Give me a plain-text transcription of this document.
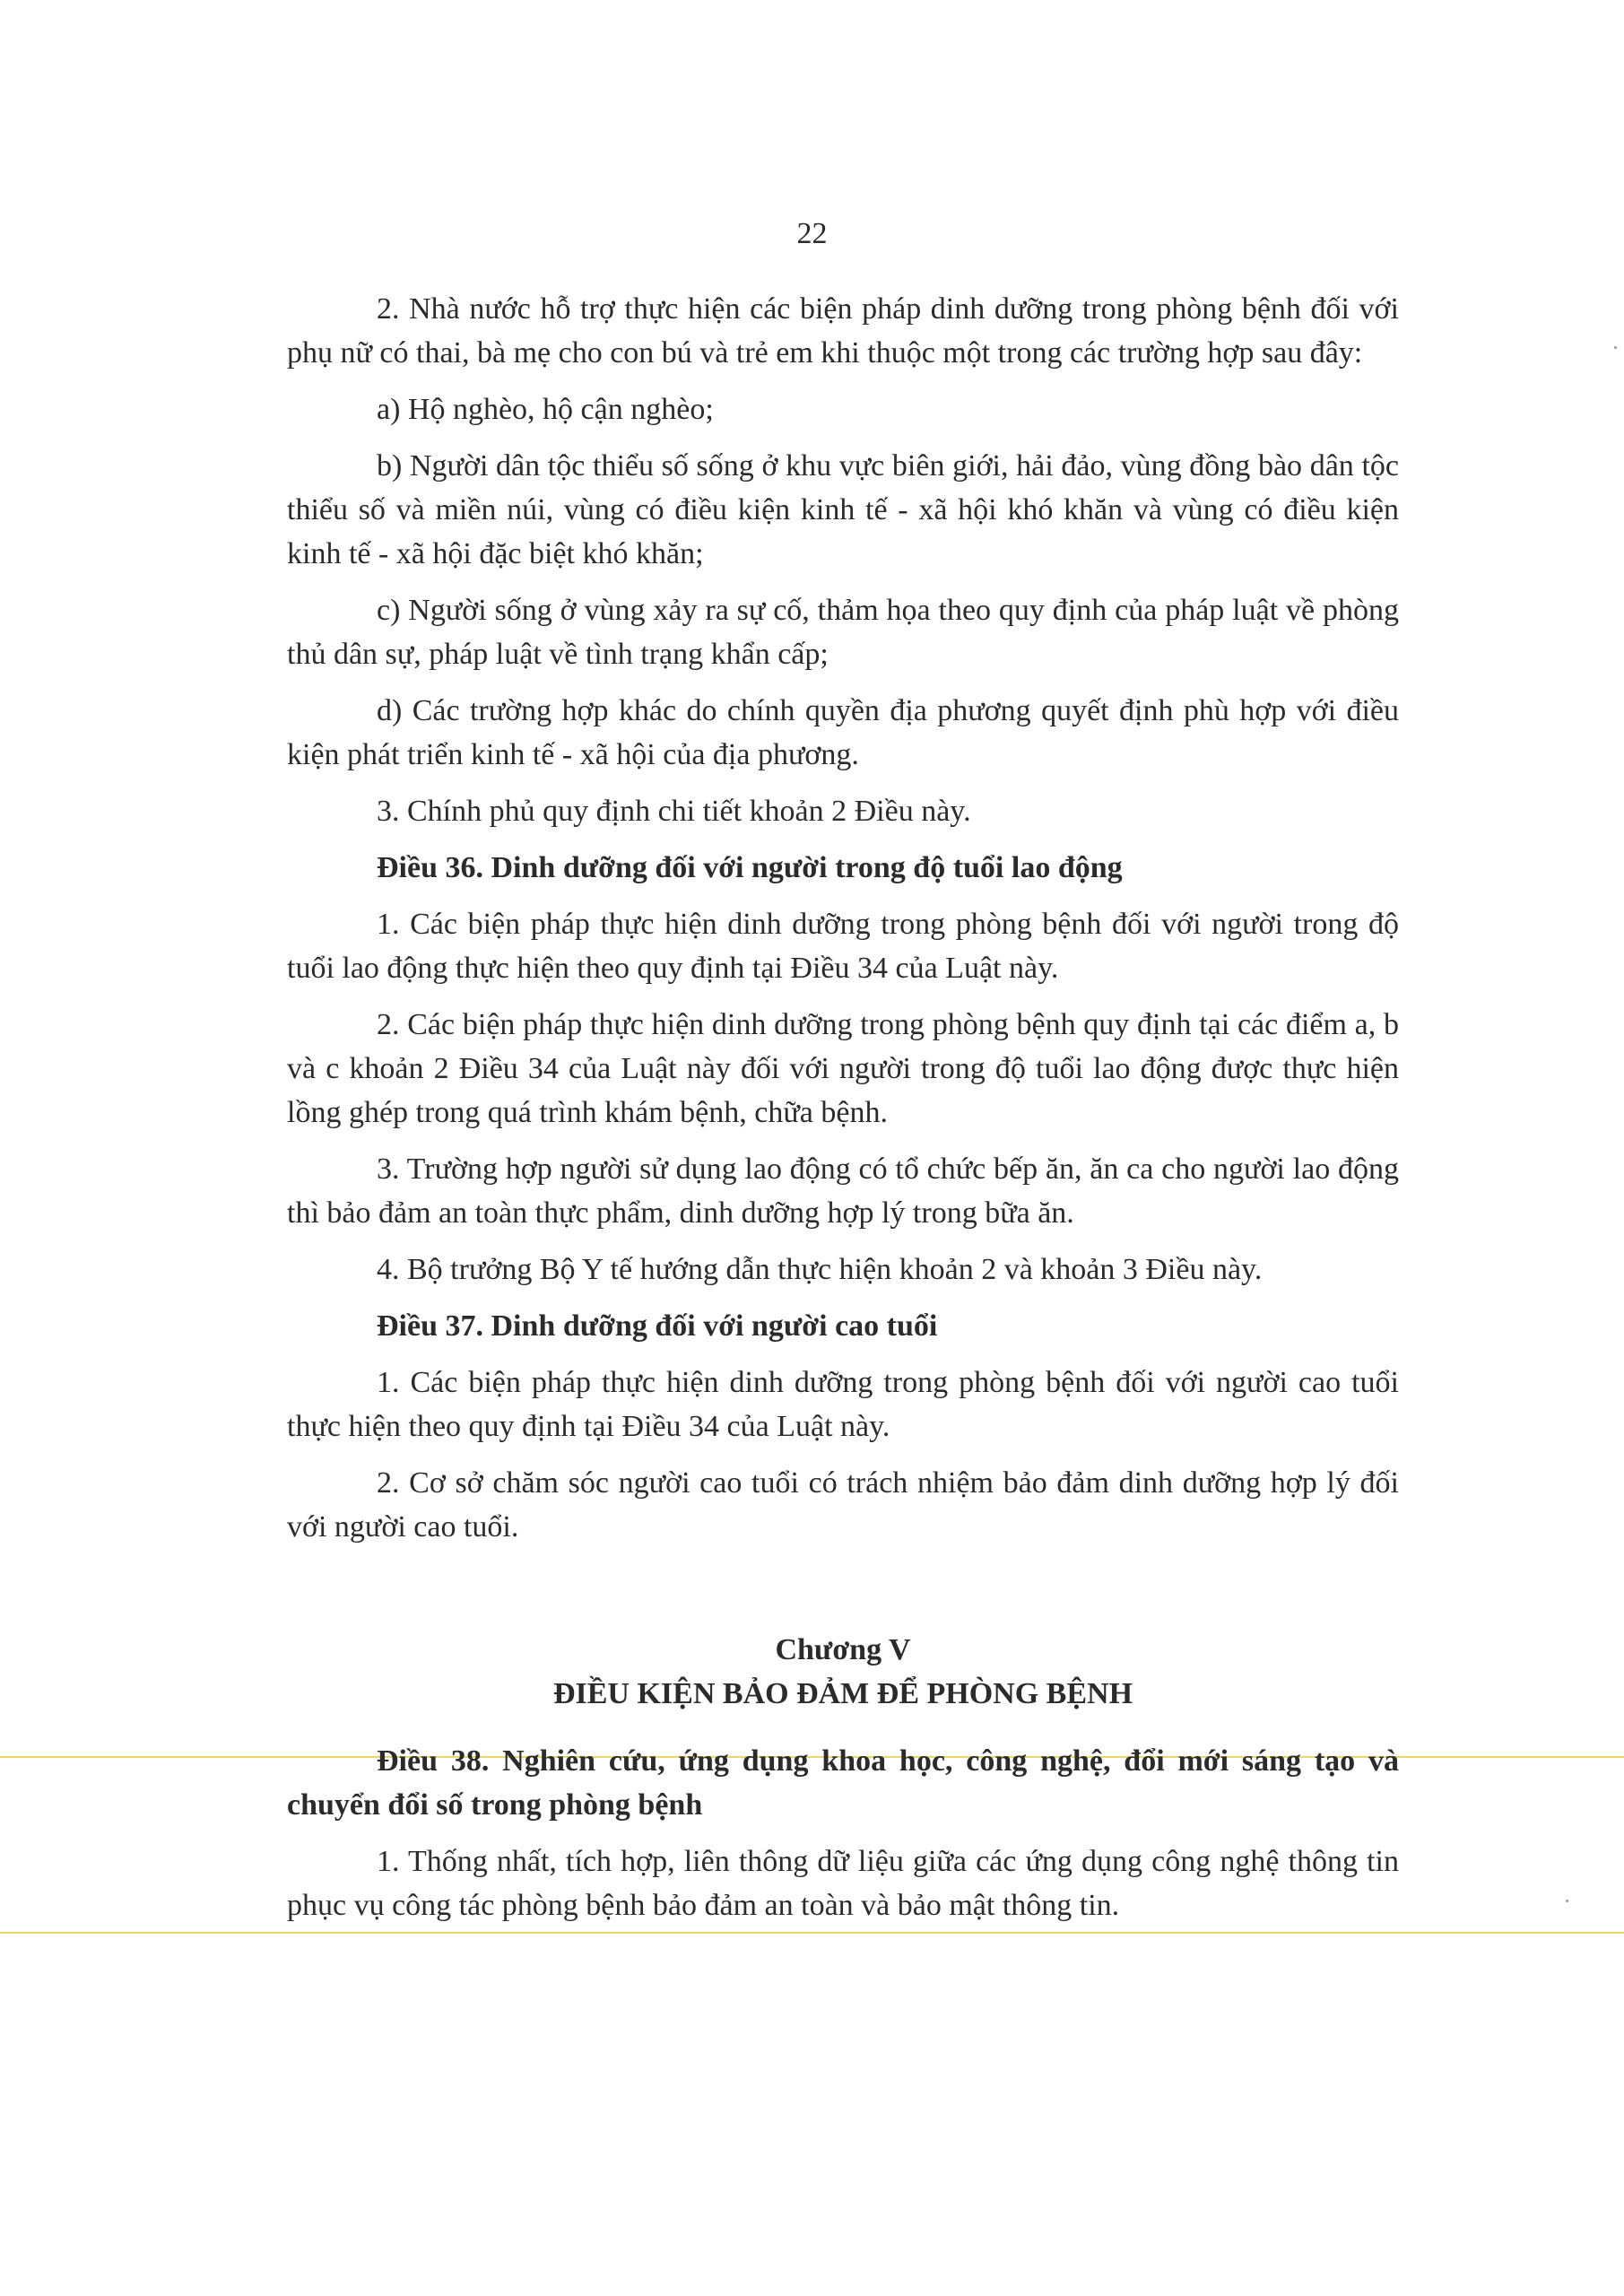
22

2. Nhà nước hỗ trợ thực hiện các biện pháp dinh dưỡng trong phòng bệnh đối với phụ nữ có thai, bà mẹ cho con bú và trẻ em khi thuộc một trong các trường hợp sau đây:

a) Hộ nghèo, hộ cận nghèo;

b) Người dân tộc thiểu số sống ở khu vực biên giới, hải đảo, vùng đồng bào dân tộc thiểu số và miền núi, vùng có điều kiện kinh tế - xã hội khó khăn và vùng có điều kiện kinh tế - xã hội đặc biệt khó khăn;

c) Người sống ở vùng xảy ra sự cố, thảm họa theo quy định của pháp luật về phòng thủ dân sự, pháp luật về tình trạng khẩn cấp;

d) Các trường hợp khác do chính quyền địa phương quyết định phù hợp với điều kiện phát triển kinh tế - xã hội của địa phương.

3. Chính phủ quy định chi tiết khoản 2 Điều này.

Điều 36. Dinh dưỡng đối với người trong độ tuổi lao động

1. Các biện pháp thực hiện dinh dưỡng trong phòng bệnh đối với người trong độ tuổi lao động thực hiện theo quy định tại Điều 34 của Luật này.

2. Các biện pháp thực hiện dinh dưỡng trong phòng bệnh quy định tại các điểm a, b và c khoản 2 Điều 34 của Luật này đối với người trong độ tuổi lao động được thực hiện lồng ghép trong quá trình khám bệnh, chữa bệnh.

3. Trường hợp người sử dụng lao động có tổ chức bếp ăn, ăn ca cho người lao động thì bảo đảm an toàn thực phẩm, dinh dưỡng hợp lý trong bữa ăn.

4. Bộ trưởng Bộ Y tế hướng dẫn thực hiện khoản 2 và khoản 3 Điều này.

Điều 37. Dinh dưỡng đối với người cao tuổi

1. Các biện pháp thực hiện dinh dưỡng trong phòng bệnh đối với người cao tuổi thực hiện theo quy định tại Điều 34 của Luật này.

2. Cơ sở chăm sóc người cao tuổi có trách nhiệm bảo đảm dinh dưỡng hợp lý đối với người cao tuổi.

Chương V

ĐIỀU KIỆN BẢO ĐẢM ĐỂ PHÒNG BỆNH

Điều 38. Nghiên cứu, ứng dụng khoa học, công nghệ, đổi mới sáng tạo và chuyển đổi số trong phòng bệnh

1. Thống nhất, tích hợp, liên thông dữ liệu giữa các ứng dụng công nghệ thông tin phục vụ công tác phòng bệnh bảo đảm an toàn và bảo mật thông tin.
